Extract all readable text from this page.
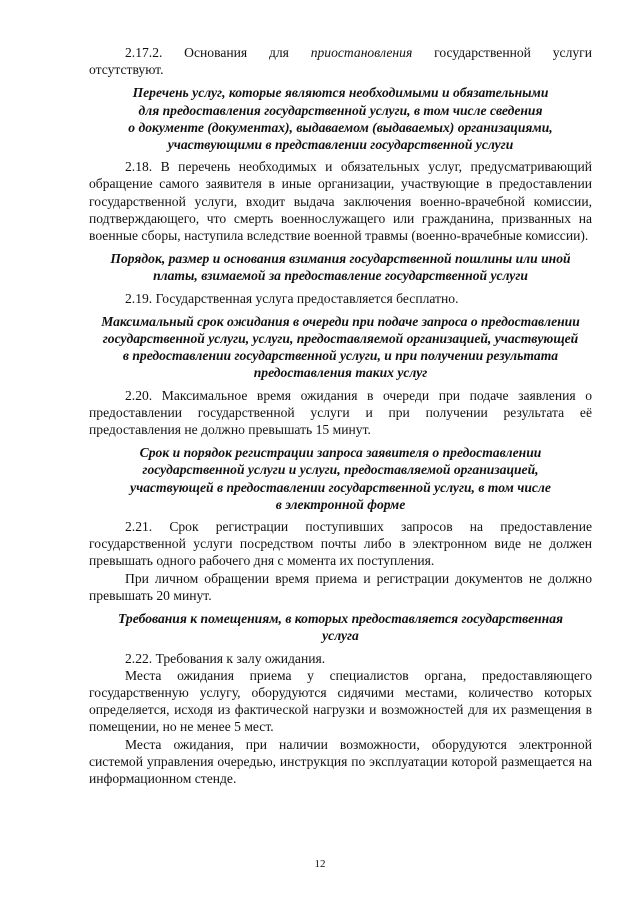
2.17.2. Основания для приостановления государственной услуги

отсутствуют.

Перечень услуг, которые являются необходимыми и обязательными
для предоставления государственной услуги, в том числе сведения
о документе (документах), выдаваемом (выдаваемых) организациями,
участвующими в представлении государственной услуги

2.18. В перечень необходимых и обязательных услуг, предусматривающий обращение самого заявителя в иные организации, участвующие в предоставлении государственной услуги, входит выдача заключения военно-врачебной комиссии, подтверждающего, что смерть военнослужащего или гражданина, призванных на военные сборы, наступила вследствие военной травмы (военно-врачебные комиссии).

Порядок, размер и основания взимания государственной пошлины или иной
платы, взимаемой за предоставление государственной услуги

2.19. Государственная услуга предоставляется бесплатно.

Максимальный срок ожидания в очереди при подаче запроса о предоставлении
государственной услуги, услуги, предоставляемой организацией, участвующей
в предоставлении государственной услуги, и при получении результата
предоставления таких услуг

2.20. Максимальное время ожидания в очереди при подаче заявления о предоставлении государственной услуги и при получении результата её предоставления не должно превышать 15 минут.

Срок и порядок регистрации запроса заявителя о предоставлении
государственной услуги и услуги, предоставляемой организацией,
участвующей в предоставлении государственной услуги, в том числе
в электронной форме

2.21. Срок регистрации поступивших запросов на предоставление государственной услуги посредством почты либо в электронном виде не должен превышать одного рабочего дня с момента их поступления.

При личном обращении время приема и регистрации документов не должно превышать 20 минут.

Требования к помещениям, в которых предоставляется государственная
услуга

2.22. Требования к залу ожидания.

Места ожидания приема у специалистов органа, предоставляющего государственную услугу, оборудуются сидячими местами, количество которых определяется, исходя из фактической нагрузки и возможностей для их размещения в помещении, но не менее 5 мест.

Места ожидания, при наличии возможности, оборудуются электронной системой управления очередью, инструкция по эксплуатации которой размещается на информационном стенде.

12
